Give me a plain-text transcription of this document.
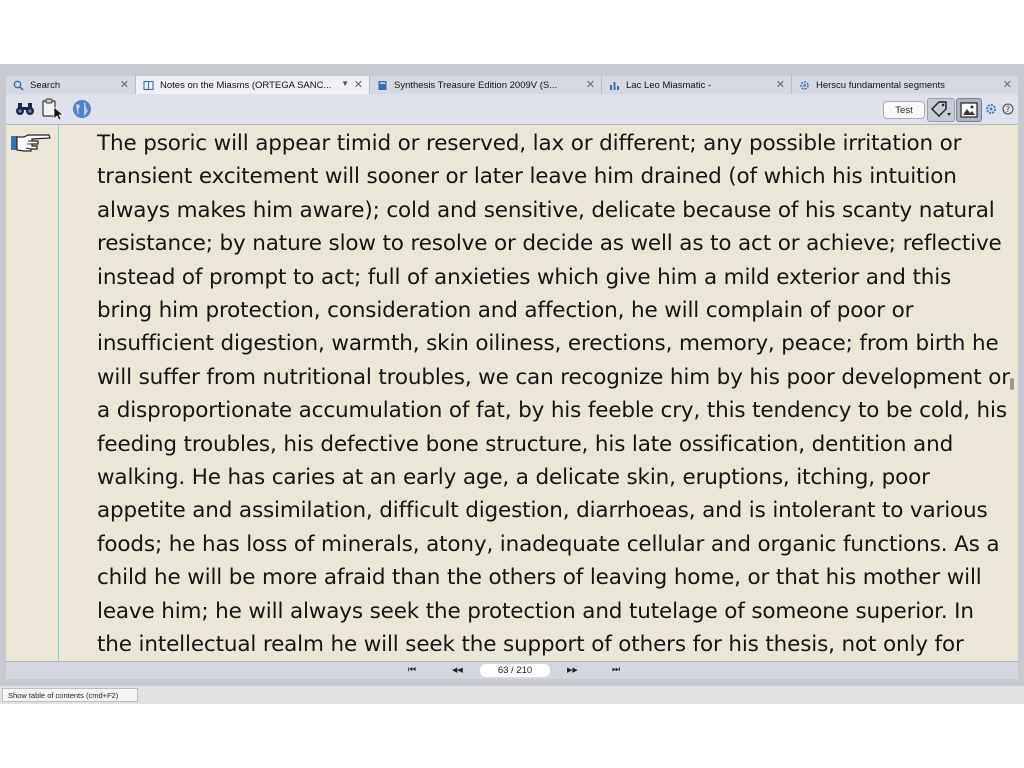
Search	✕	Notes on the Miasms (ORTEGA SANC... ▼ ✕	Synthesis Treasure Edition 2009V (S...	✕	Lac Leo Miasmatic -	✕	Herscu fundamental segments	✕
Test	?

The psoric will appear timid or reserved, lax or different; any possible irritation or transient excitement will sooner or later leave him drained (of which his intuition always makes him aware); cold and sensitive, delicate because of his scanty natural resistance; by nature slow to resolve or decide as well as to act or achieve; reflective instead of prompt to act; full of anxieties which give him a mild exterior and this bring him protection, consideration and affection, he will complain of poor or insufficient digestion, warmth, skin oiliness, erections, memory, peace; from birth he will suffer from nutritional troubles, we can recognize him by his poor development or a disproportionate accumulation of fat, by his feeble cry, this tendency to be cold, his feeding troubles, his defective bone structure, his late ossification, dentition and walking. He has caries at an early age, a delicate skin, eruptions, itching, poor appetite and assimilation, difficult digestion, diarrhoeas, and is intolerant to various foods; he has loss of minerals, atony, inadequate cellular and organic functions. As a child he will be more afraid than the others of leaving home, or that his mother will leave him; he will always seek the protection and tutelage of someone superior. In the intellectual realm he will seek the support of others for his thesis, not only for

⏮	◀◀	63
/ 210	▶▶	⏭
Show table of contents (cmd+F2)
